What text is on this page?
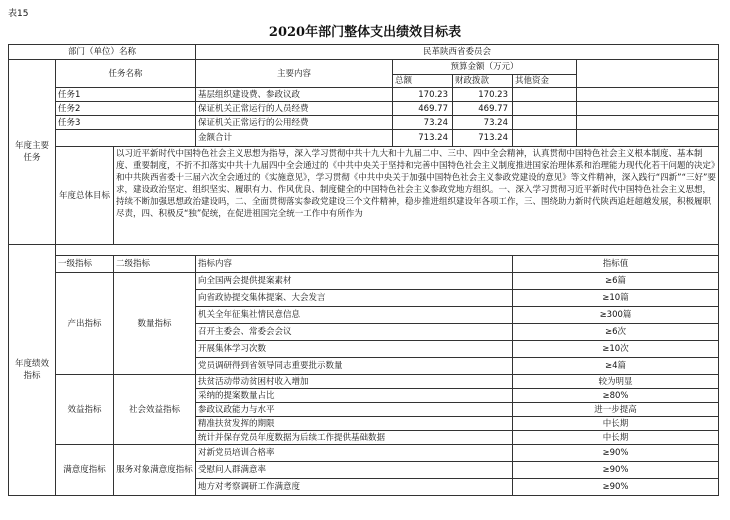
表15
2020年部门整体支出绩效目标表
部门（单位）名称			民革陕西省委员会				
年度主要任务	任务名称		主要内容	预算金额（万元）			
				总额	财政拨款	其他资金	
	任务1		基层组织建设费、参政议政	170.23	170.23		
	任务2		保证机关正常运行的人员经费	469.77	469.77		
	任务3		保证机关正常运行的公用经费	73.24	73.24		
			金额合计	713.24	713.24		
	年度总体目标	以习近平新时代中国特色社会主义思想为指导，深入学习贯彻中共十九大和十九届二中、三中、四中全会精神，认真贯彻中国特色社会主义根本制度、基本制度、重要制度，不折不扣落实中共十九届四中全会通过的《中共中央关于坚持和完善中国特色社会主义制度推进国家治理体系和治理能力现代化若干问题的决定》和中共陕西省委十三届六次全会通过的《实施意见》，学习贯彻《中共中央关于加强中国特色社会主义参政党建设的意见》等文件精神，深入践行“四新”“三好”要求，建设政治坚定、组织坚实、履职有力、作风优良、制度健全的中国特色社会主义参政党地方组织。一、深入学习贯彻习近平新时代中国特色社会主义思想，持续不断加强思想政治建设吗，二、全面贯彻落实参政党建设三个文件精神，稳步推进组织建设年各项工作，三、围绕助力新时代陕西追赶超越发展，积极履职尽责，四、积极反“独”促统，在促进祖国完全统一工作中有所作为					
年度绩效指标							
	一级指标	二级指标	指标内容			指标值	
	产出指标	数量指标	向全国两会提供提案素材			≥6篇	
			向省政协提交集体提案、大会发言			≥10篇	
			机关全年征集社情民意信息			≥300篇	
			召开主委会、常委会会议			≥6次	
			开展集体学习次数			≥10次	
			党员调研得到省领导同志重要批示数量			≥4篇	
	效益指标	社会效益指标	扶贫活动带动贫困村收入增加			较为明显	
			采纳的提案数量占比			≥80%	
			参政议政能力与水平			进一步提高	
			精准扶贫发挥的期限			中长期	
			统计并保存党员年度数据为后续工作提供基础数据			中长期	
	满意度指标	服务对象满意度指标	对新党员培训合格率			≥90%	
			受慰问人群满意率			≥90%	
			地方对考察调研工作满意度			≥90%	
